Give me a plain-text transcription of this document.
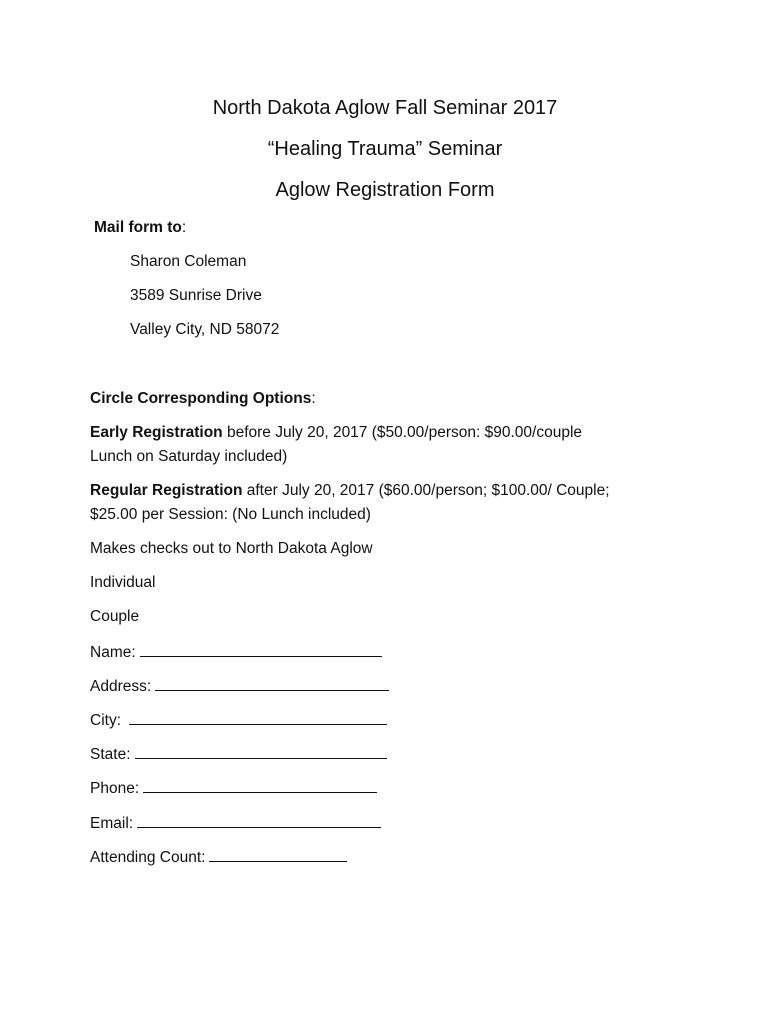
North Dakota Aglow Fall Seminar 2017
“Healing Trauma” Seminar
Aglow Registration Form
Mail form to:
Sharon Coleman
3589 Sunrise Drive
Valley City, ND 58072
Circle Corresponding Options:
Early Registration before July 20, 2017 ($50.00/person: $90.00/couple
Lunch on Saturday included)
Regular Registration after July 20, 2017 ($60.00/person; $100.00/ Couple;
$25.00 per Session: (No Lunch included)
Makes checks out to North Dakota Aglow
Individual
Couple
Name:
Address:
City:
State:
Phone:
Email:
Attending Count:
